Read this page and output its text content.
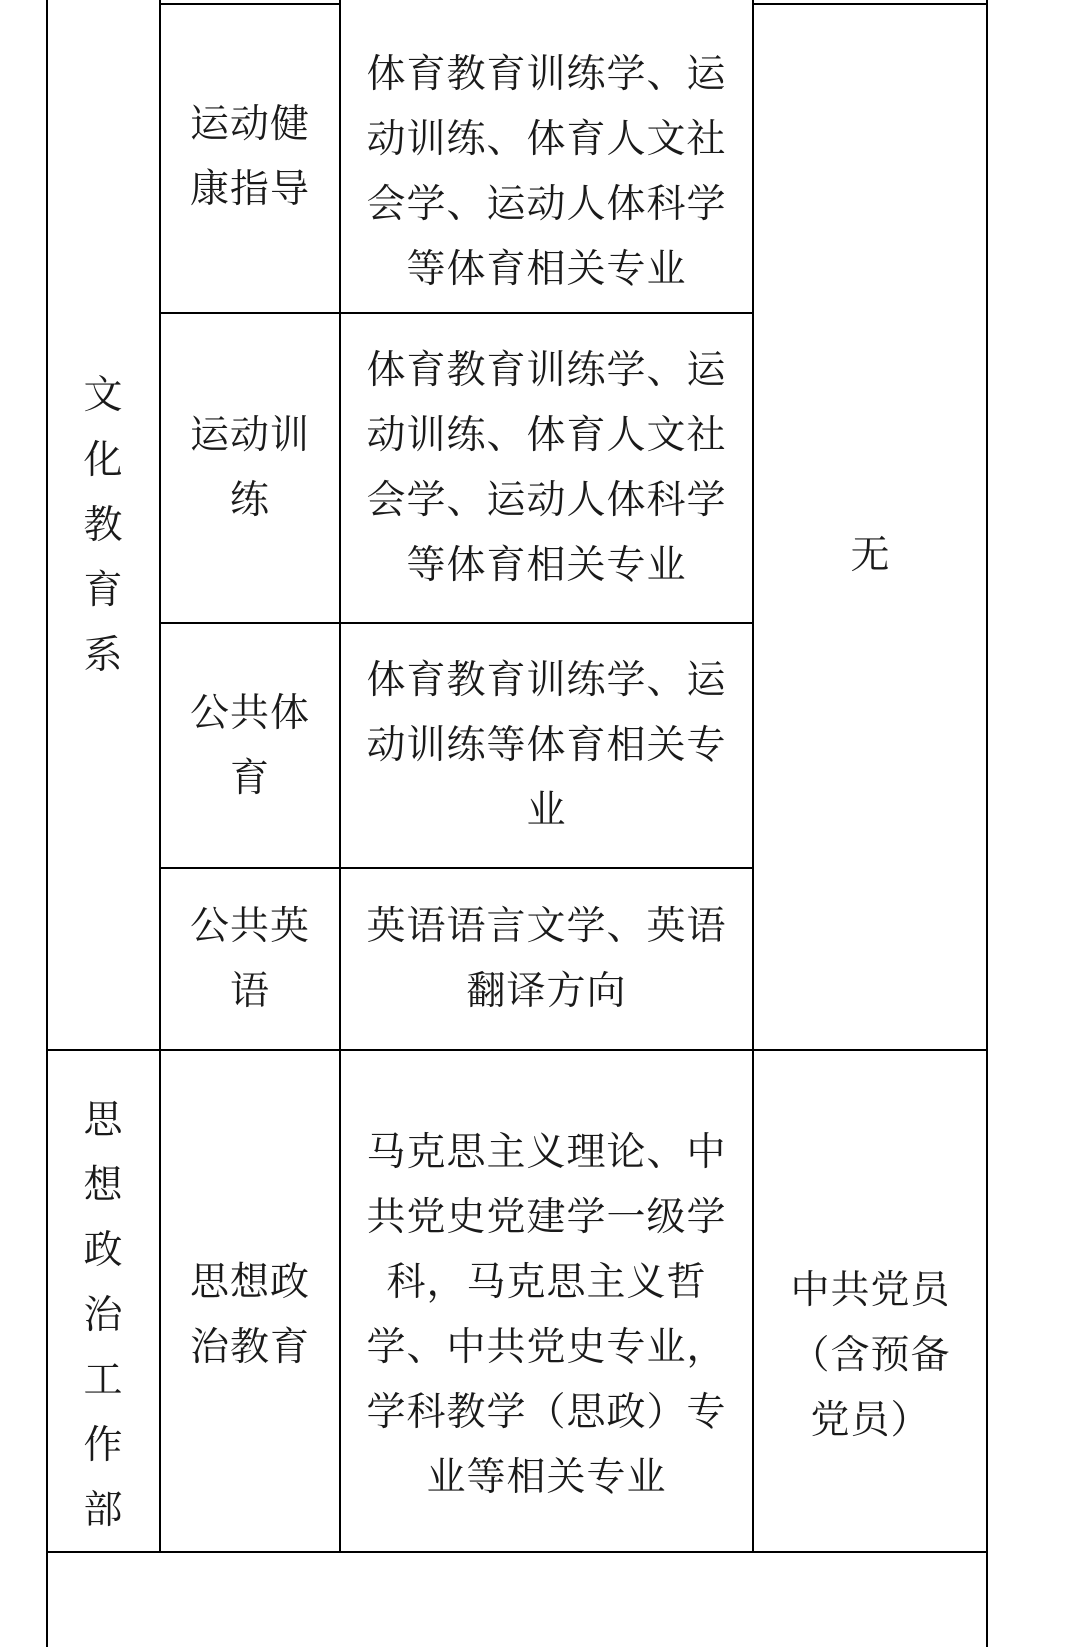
文化教育系
运动健康指导
体育教育训练学、运动训练、体育人文社会学、运动人体科学等体育相关专业
运动训练
体育教育训练学、运动训练、体育人文社会学、运动人体科学等体育相关专业
公共体育
体育教育训练学、运动训练等体育相关专业
公共英语
英语语言文学、英语翻译方向
无
思想政治工作部
思想政治教育
马克思主义理论、中共党史党建学一级学科，马克思主义哲学、中共党史专业，学科教学（思政）专业等相关专业
中共党员（含预备党员）
